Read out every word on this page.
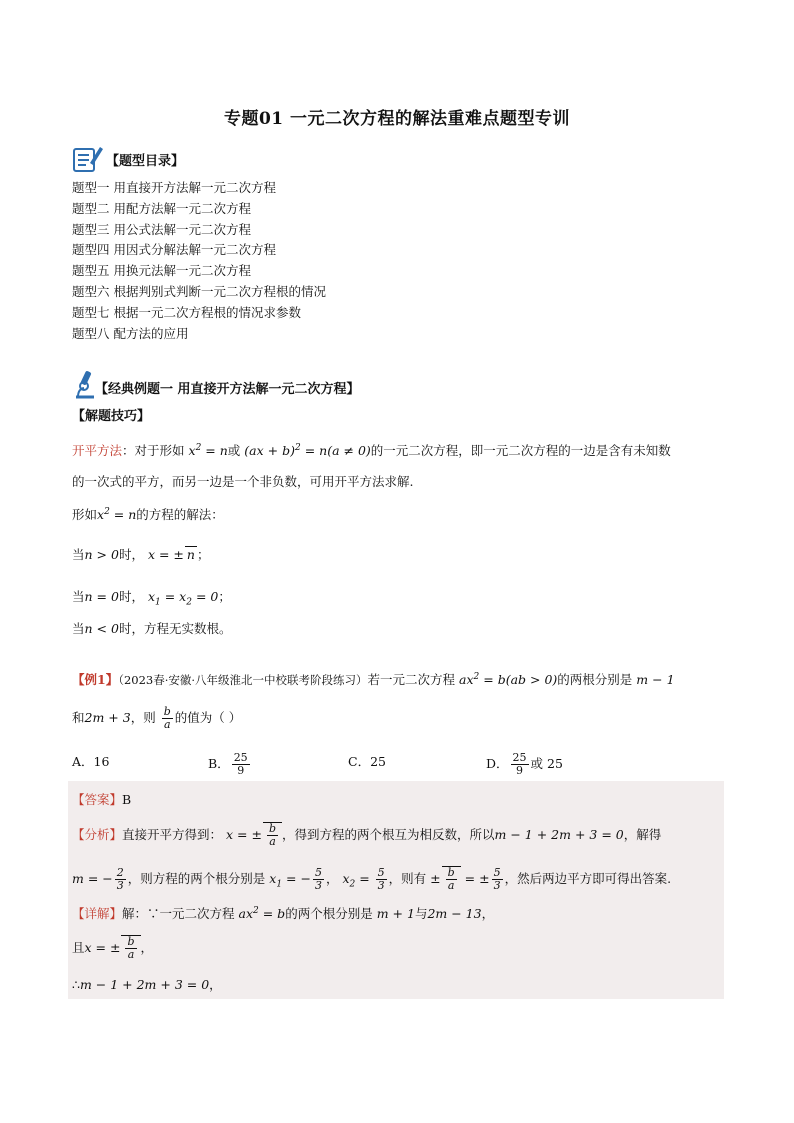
专题01 一元二次方程的解法重难点题型专训
【题型目录】
题型一 用直接开方法解一元二次方程
题型二 用配方法解一元二次方程
题型三 用公式法解一元二次方程
题型四 用因式分解法解一元二次方程
题型五 用换元法解一元二次方程
题型六 根据判别式判断一元二次方程根的情况
题型七 根据一元二次方程根的情况求参数
题型八 配方法的应用
【经典例题一 用直接开方法解一元二次方程】
【解题技巧】
开平方法：对于形如 $x^2 = n$或 (ax + b)$^2$ = n(a ≠ 0)的一元二次方程，即一元二次方程的一边是含有未知数
的一次式的平方，而另一边是一个非负数，可用开平方法求解.
形如$x^2 = n$的方程的解法：
当n > 0时， x = ± n ；
当n = 0时， $x_1 = x_2 = 0$；
当n < 0时，方程无实数根。
【例1】（2023春·安徽·八年级淮北一中校联考阶段练习）若一元二次方程 $ax^2 = b(ab > 0)$的两根分别是 m − 1
和2m + 3，则 $\frac{b}{a}$ 的值为（ ）
A．16	B． $\frac{25}{9}$	C．25	D． $\frac{25}{9}$ 或 25
【答案】B
【分析】直接开平方得到： x = ± $\frac{b}{a}$ ，得到方程的两个根互为相反数，所以m − 1 + 2m + 3 = 0，解得
m = − $\frac{2}{3}$ ，则方程的两个根分别是 $x_1$ = − $\frac{5}{3}$ ， $x_2 = \frac{5}{3}$ ，则有 ± $\frac{b}{a}$ = ± $\frac{5}{3}$ ，然后两边平方即可得出答案.
【详解】解：∵一元二次方程 $ax^2 = b$的两个根分别是 m + 1与2m − 13，
且x = ± $\frac{b}{a}$ ，
∴m − 1 + 2m + 3 = 0，
